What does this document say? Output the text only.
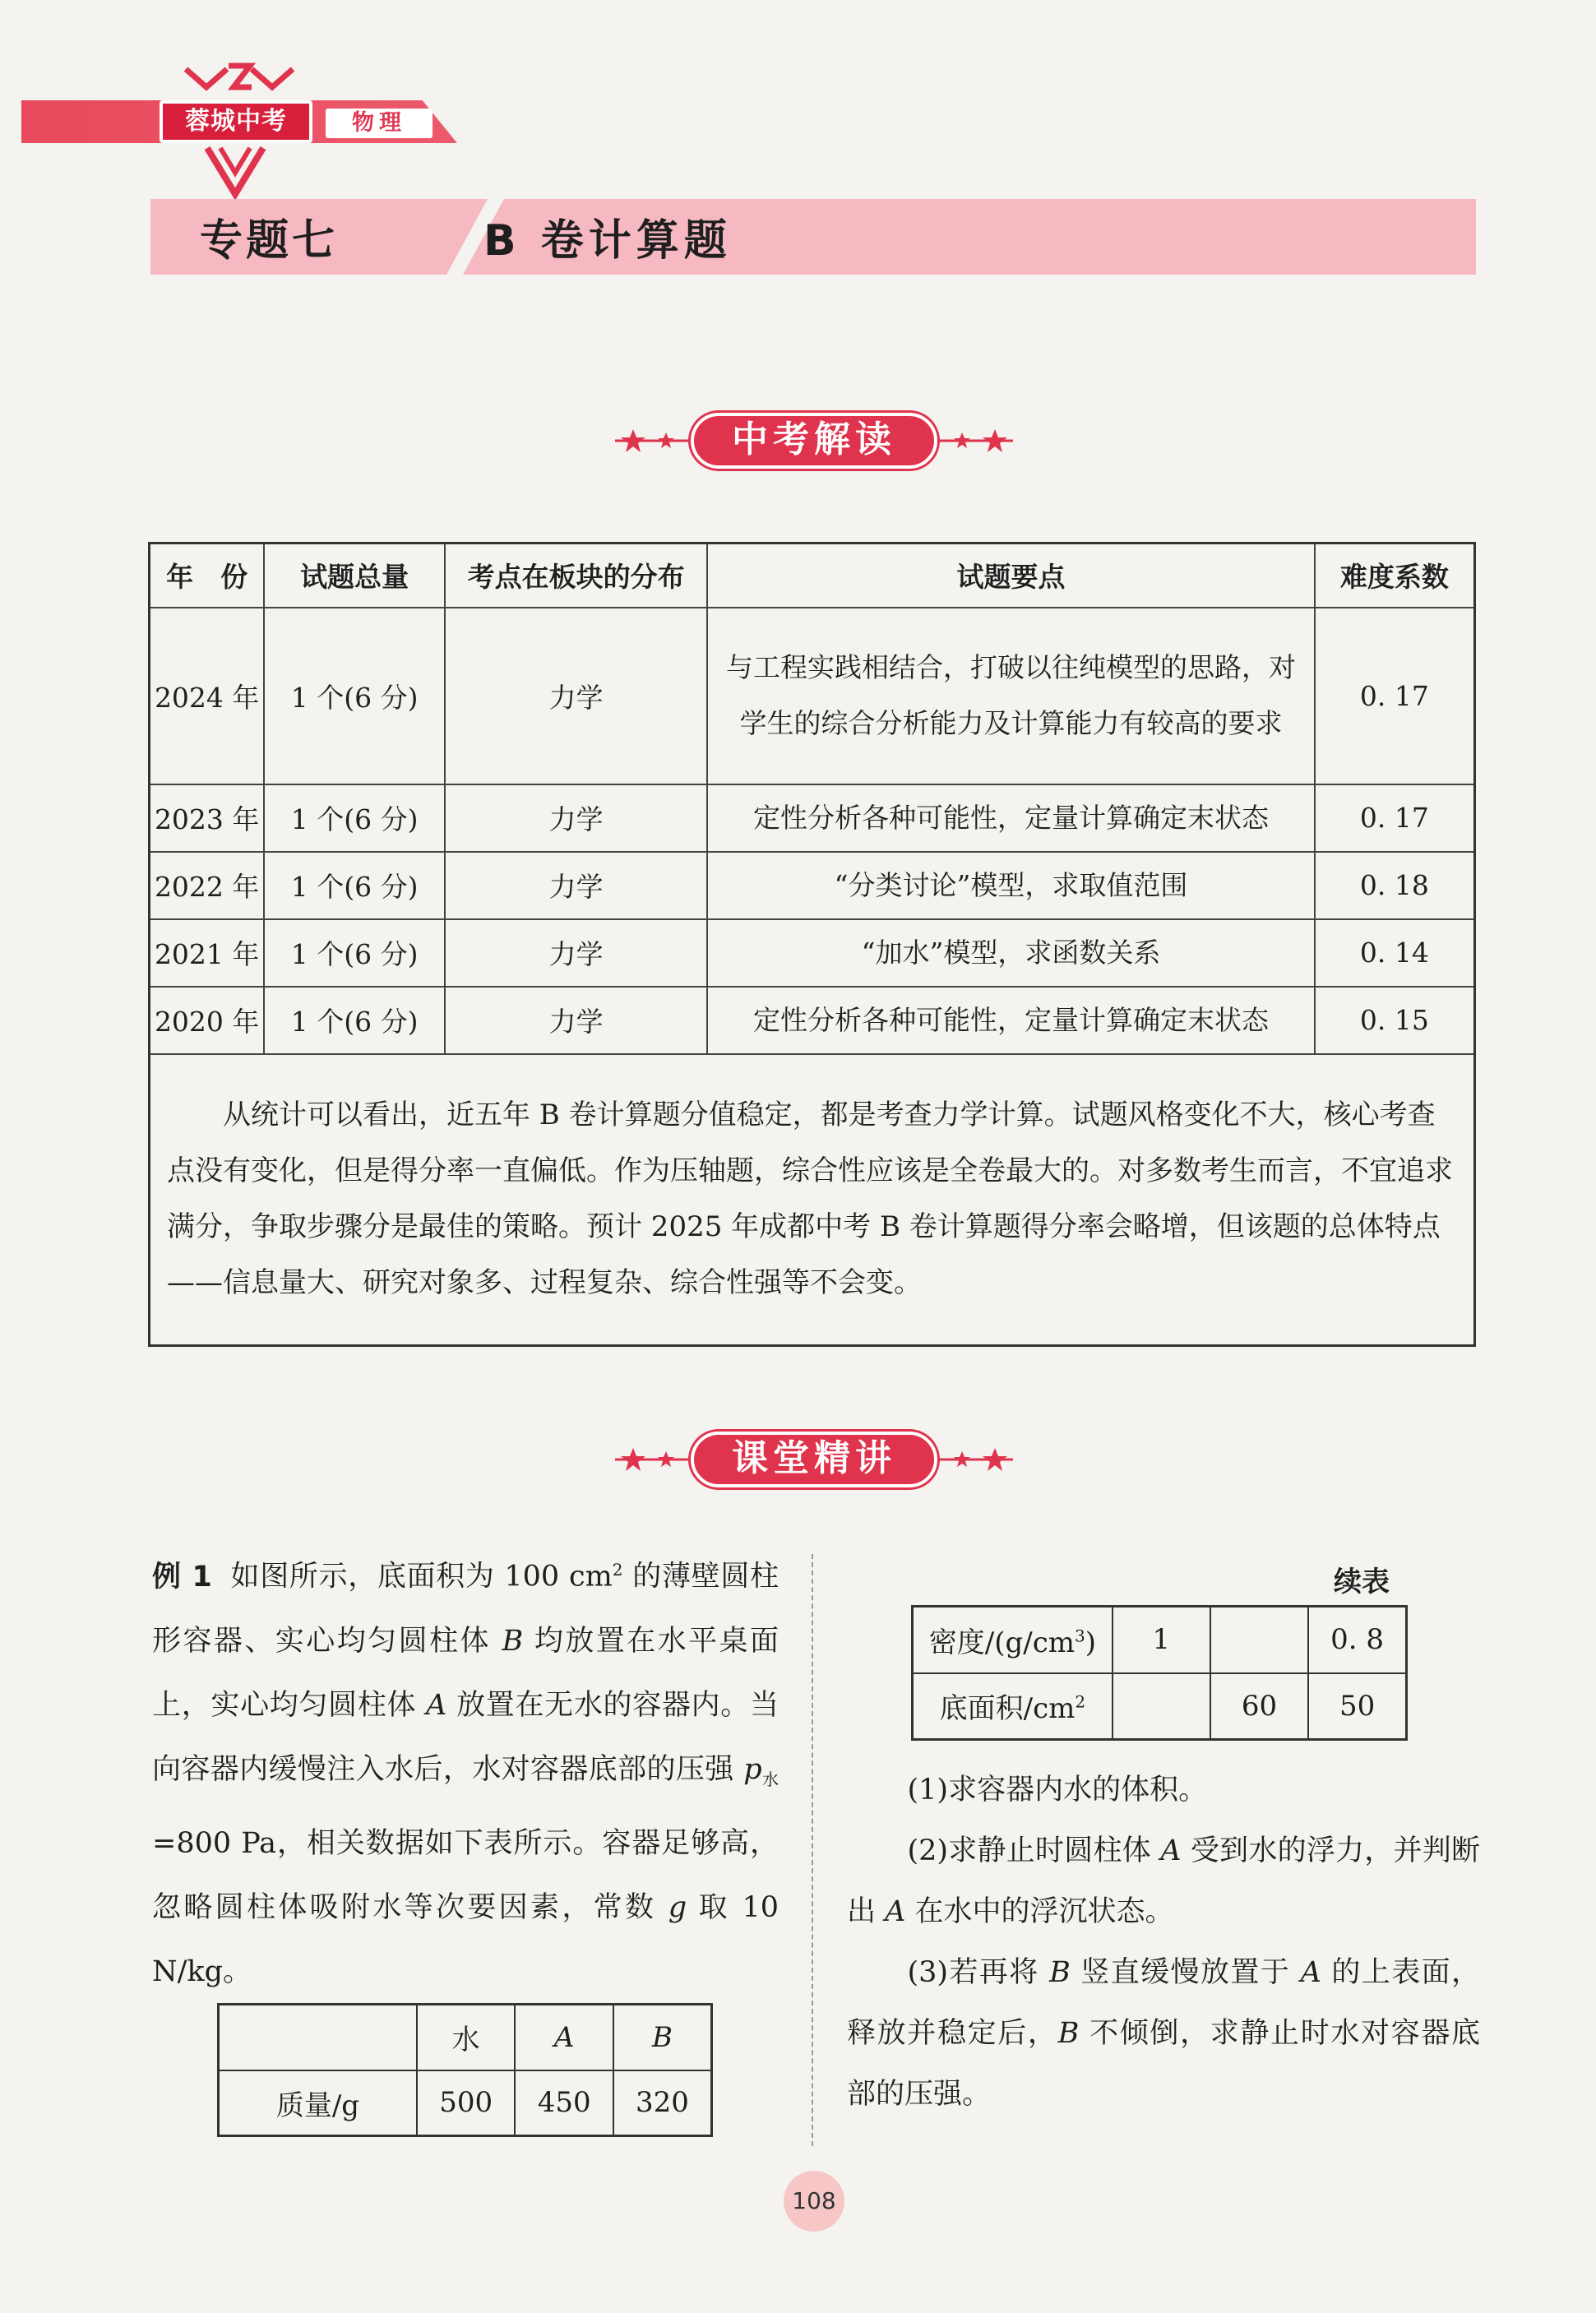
蓉城中考	物理
专题七	B 卷计算题
中考解读
年　份	试题总量	考点在板块的分布	试题要点	难度系数
2024 年	1 个(6 分)	力学	与工程实践相结合，打破以往纯模型的思路，对学生的综合分析能力及计算能力有较高的要求	0. 17
2023 年	1 个(6 分)	力学	定性分析各种可能性，定量计算确定末状态	0. 17
2022 年	1 个(6 分)	力学	“分类讨论”模型，求取值范围	0. 18
2021 年	1 个(6 分)	力学	“加水”模型，求函数关系	0. 14
2020 年	1 个(6 分)	力学	定性分析各种可能性，定量计算确定末状态	0. 15
从统计可以看出，近五年 B 卷计算题分值稳定，都是考查力学计算。试题风格变化不大，核心考查点没有变化，但是得分率一直偏低。作为压轴题，综合性应该是全卷最大的。对多数考生而言，不宜追求满分，争取步骤分是最佳的策略。预计 2025 年成都中考 B 卷计算题得分率会略增，但该题的总体特点——信息量大、研究对象多、过程复杂、综合性强等不会变。				
课堂精讲

例 1 如图所示，底面积为 100 $cm^2$ 的薄壁圆柱形容器、实心均匀圆柱体 B 均放置在水平桌面上，实心均匀圆柱体 A 放置在无水的容器内。当向容器内缓慢注入水后，水对容器底部的压强 $p_水=800$ Pa，相关数据如下表所示。容器足够高，忽略圆柱体吸附水等次要因素，常数 g 取 10 N/kg。

	水	A	B
质量/g	500	450	320
续表
密度$/(g/cm^3)$	1		0. 8
底面积$/cm^2$		60	50

(1)求容器内水的体积。

(2)求静止时圆柱体 A 受到水的浮力，并判断出 A 在水中的浮沉状态。

(3)若再将 B 竖直缓慢放置于 A 的上表面，释放并稳定后，B 不倾倒，求静止时水对容器底部的压强。

108
